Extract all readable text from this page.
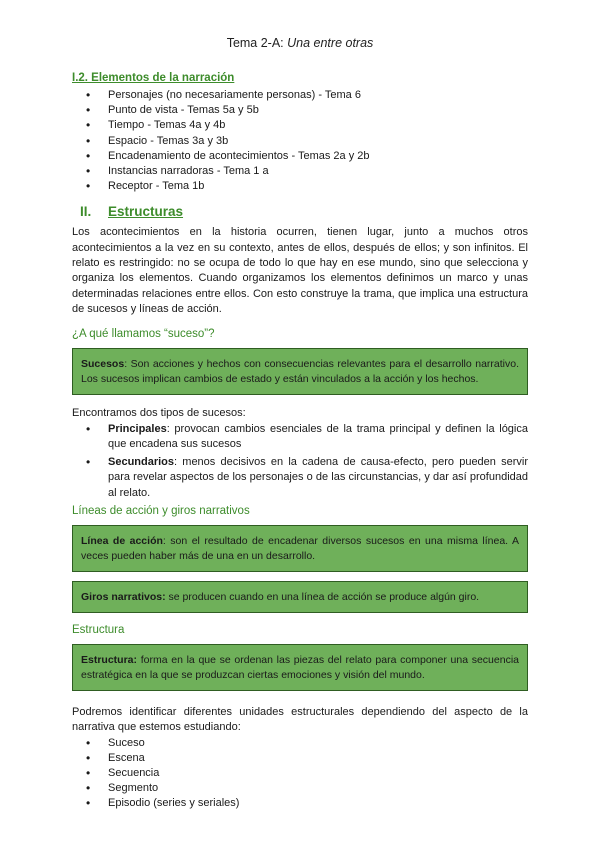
Tema 2-A: Una entre otras
I.2. Elementos de la narración
• Personajes (no necesariamente personas) - Tema 6
• Punto de vista - Temas 5a y 5b
• Tiempo - Temas 4a y 4b
• Espacio - Temas 3a y 3b
• Encadenamiento de acontecimientos - Temas 2a y 2b
• Instancias narradoras - Tema 1 a
• Receptor - Tema 1b
II.	Estructuras

Los acontecimientos en la historia ocurren, tienen lugar, junto a muchos otros acontecimientos a la vez en su contexto, antes de ellos, después de ellos; y son infinitos. El relato es restringido: no se ocupa de todo lo que hay en ese mundo, sino que selecciona y organiza los elementos. Cuando organizamos los elementos definimos un marco y unas determinadas relaciones entre ellos. Con esto construye la trama, que implica una estructura de sucesos y líneas de acción.

¿A qué llamamos “suceso”?
Sucesos: Son acciones y hechos con consecuencias relevantes para el desarrollo narrativo. Los sucesos implican cambios de estado y están vinculados a la acción y los hechos.

Encontramos dos tipos de sucesos:

• Principales: provocan cambios esenciales de la trama principal y definen la lógica que encadena sus sucesos
• Secundarios: menos decisivos en la cadena de causa-efecto, pero pueden servir para revelar aspectos de los personajes o de las circunstancias, y dar así profundidad al relato.
Líneas de acción y giros narrativos
Línea de acción: son el resultado de encadenar diversos sucesos en una misma línea. A veces pueden haber más de una en un desarrollo.
Giros narrativos: se producen cuando en una línea de acción se produce algún giro.
Estructura
Estructura: forma en la que se ordenan las piezas del relato para componer una secuencia estratégica en la que se produzcan ciertas emociones y visión del mundo.

Podremos identificar diferentes unidades estructurales dependiendo del aspecto de la narrativa que estemos estudiando:

• Suceso
• Escena
• Secuencia
• Segmento
• Episodio (series y seriales)
